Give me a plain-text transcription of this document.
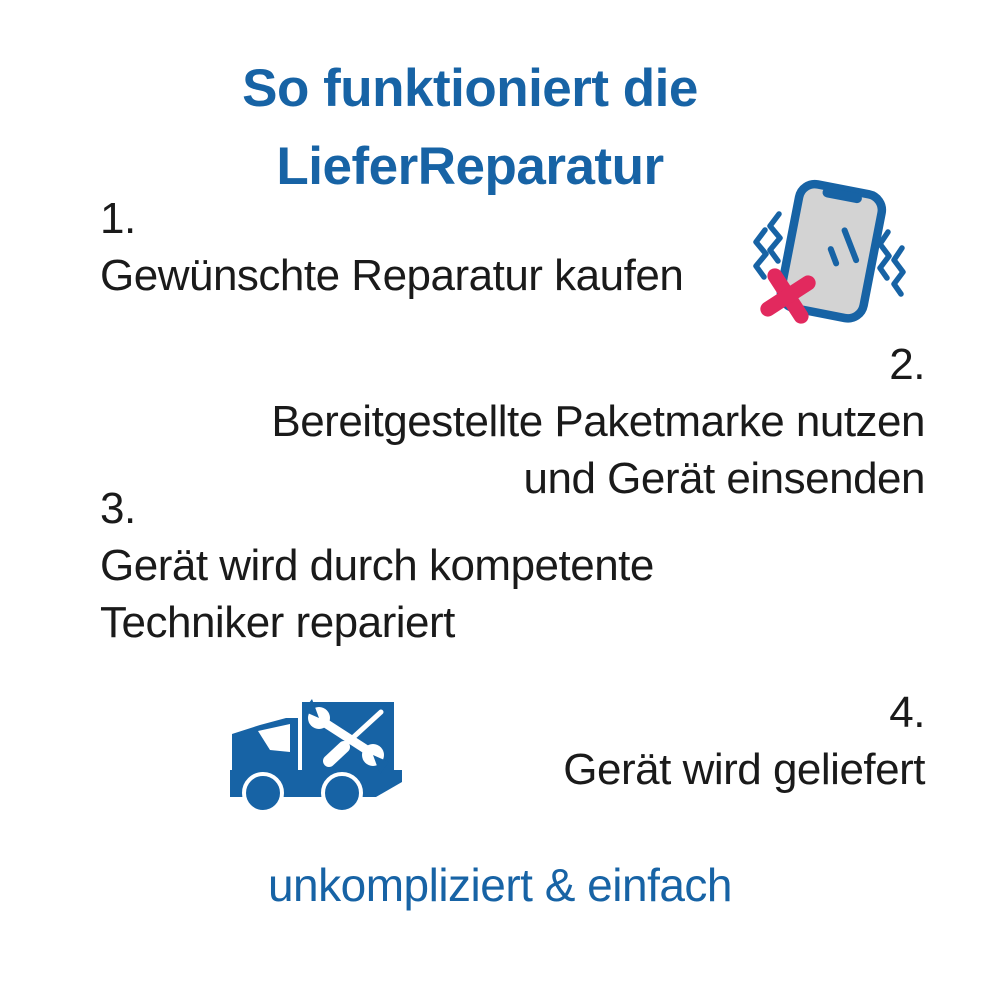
So funktioniert die
LieferReparatur
1.
Gewünschte Reparatur kaufen
2.
Bereitgestellte Paketmarke nutzen
und Gerät einsenden
3.
Gerät wird durch kompetente
Techniker repariert
4.
Gerät wird geliefert
unkompliziert & einfach
